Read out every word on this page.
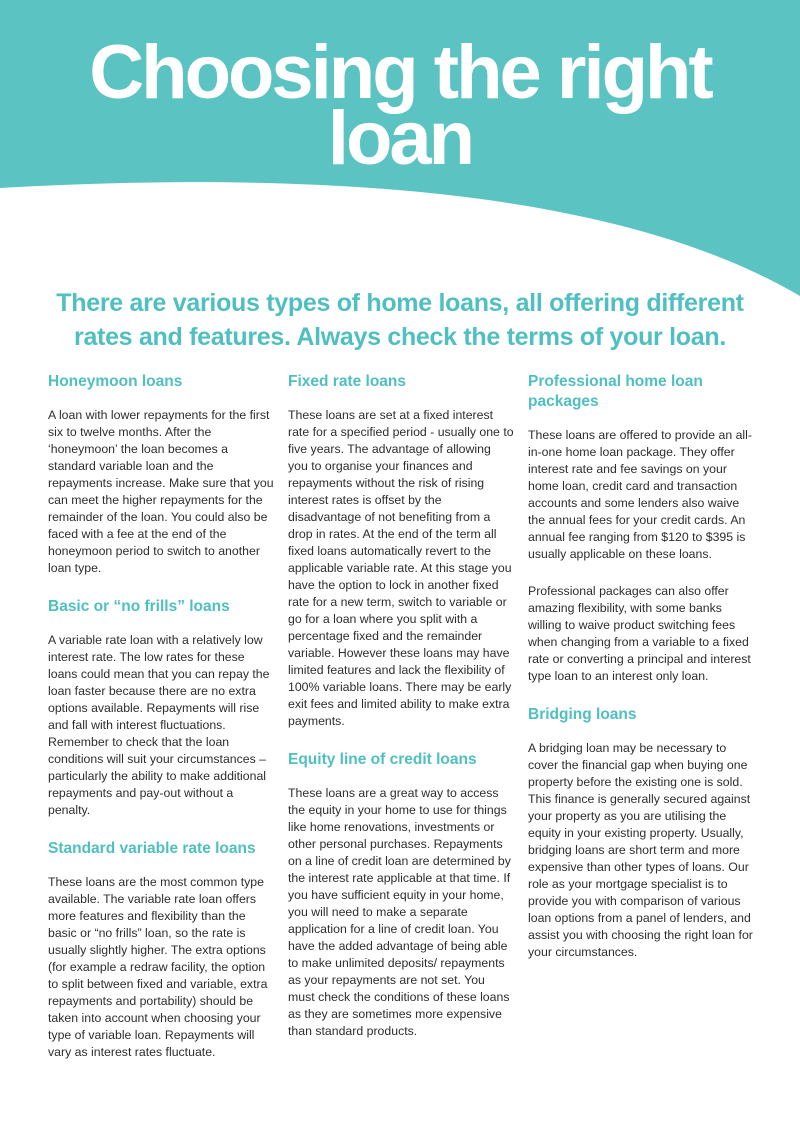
Choosing the right
loan

There are various types of home loans, all offering different rates and features. Always check the terms of your loan.

Honeymoon loans

A loan with lower repayments for the first six to twelve months. After the ‘honeymoon’ the loan becomes a standard variable loan and the repayments increase. Make sure that you can meet the higher repayments for the remainder of the loan. You could also be faced with a fee at the end of the honeymoon period to switch to another loan type.

Basic or “no frills” loans

A variable rate loan with a relatively low interest rate. The low rates for these loans could mean that you can repay the loan faster because there are no extra options available. Repayments will rise and fall with interest fluctuations. Remember to check that the loan conditions will suit your circumstances – particularly the ability to make additional repayments and pay-out without a penalty.

Standard variable rate loans

These loans are the most common type available. The variable rate loan offers more features and flexibility than the basic or “no frills” loan, so the rate is usually slightly higher. The extra options (for example a redraw facility, the option to split between fixed and variable, extra repayments and portability) should be taken into account when choosing your type of variable loan. Repayments will vary as interest rates fluctuate.

Fixed rate loans

These loans are set at a fixed interest rate for a specified period - usually one to five years. The advantage of allowing you to organise your finances and repayments without the risk of rising interest rates is offset by the disadvantage of not benefiting from a drop in rates. At the end of the term all fixed loans automatically revert to the applicable variable rate. At this stage you have the option to lock in another fixed rate for a new term, switch to variable or go for a loan where you split with a percentage fixed and the remainder variable. However these loans may have limited features and lack the flexibility of 100% variable loans. There may be early exit fees and limited ability to make extra payments.

Equity line of credit loans

These loans are a great way to access the equity in your home to use for things like home renovations, investments or other personal purchases. Repayments on a line of credit loan are determined by the interest rate applicable at that time. If you have sufficient equity in your home, you will need to make a separate application for a line of credit loan. You have the added advantage of being able to make unlimited deposits/ repayments as your repayments are not set. You must check the conditions of these loans as they are sometimes more expensive than standard products.

Professional home loan packages

These loans are offered to provide an all-in-one home loan package. They offer interest rate and fee savings on your home loan, credit card and transaction accounts and some lenders also waive the annual fees for your credit cards. An annual fee ranging from $120 to $395 is usually applicable on these loans.

Professional packages can also offer amazing flexibility, with some banks willing to waive product switching fees when changing from a variable to a fixed rate or converting a principal and interest type loan to an interest only loan.

Bridging loans

A bridging loan may be necessary to cover the financial gap when buying one property before the existing one is sold. This finance is generally secured against your property as you are utilising the equity in your existing property. Usually, bridging loans are short term and more expensive than other types of loans. Our role as your mortgage specialist is to provide you with comparison of various loan options from a panel of lenders, and assist you with choosing the right loan for your circumstances.
